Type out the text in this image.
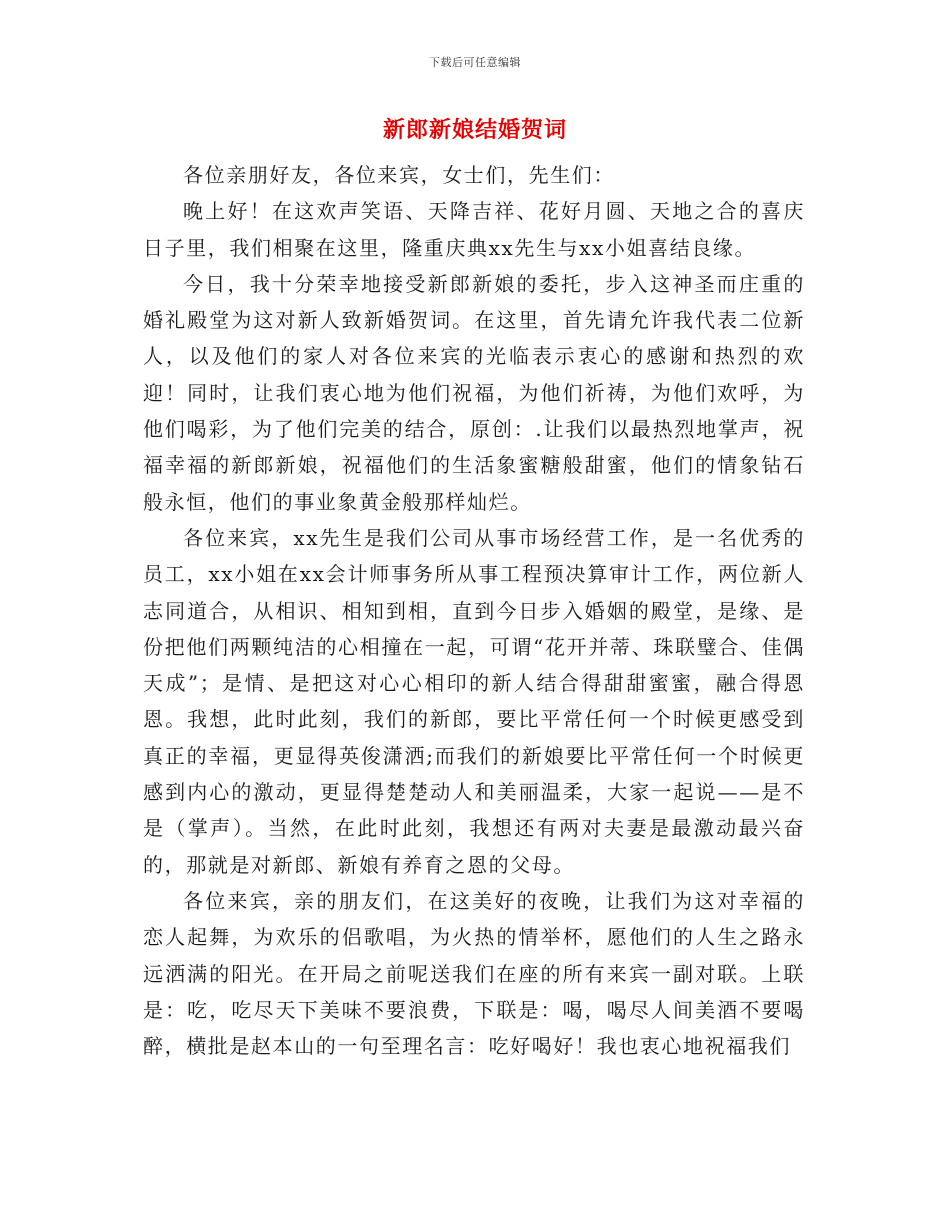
下载后可任意编辑
新郎新娘结婚贺词

各位亲朋好友，各位来宾，女士们，先生们：

晚上好！在这欢声笑语、天降吉祥、花好月圆、天地之合的喜庆日子里，我们相聚在这里，隆重庆典xx先生与xx小姐喜结良缘。

今日，我十分荣幸地接受新郎新娘的委托，步入这神圣而庄重的婚礼殿堂为这对新人致新婚贺词。在这里，首先请允许我代表二位新人，以及他们的家人对各位来宾的光临表示衷心的感谢和热烈的欢迎！同时，让我们衷心地为他们祝福，为他们祈祷，为他们欢呼，为他们喝彩，为了他们完美的结合，原创：.让我们以最热烈地掌声，祝福幸福的新郎新娘，祝福他们的生活象蜜糖般甜蜜，他们的情象钻石般永恒，他们的事业象黄金般那样灿烂。

各位来宾，xx先生是我们公司从事市场经营工作，是一名优秀的员工，xx小姐在xx会计师事务所从事工程预决算审计工作，两位新人志同道合，从相识、相知到相，直到今日步入婚姻的殿堂，是缘、是份把他们两颗纯洁的心相撞在一起，可谓“花开并蒂、珠联璧合、佳偶天成”；是情、是把这对心心相印的新人结合得甜甜蜜蜜，融合得恩恩。我想，此时此刻，我们的新郎，要比平常任何一个时候更感受到真正的幸福，更显得英俊潇洒;而我们的新娘要比平常任何一个时候更感到内心的激动，更显得楚楚动人和美丽温柔，大家一起说——是不是（掌声）。当然，在此时此刻，我想还有两对夫妻是最激动最兴奋的，那就是对新郎、新娘有养育之恩的父母。

各位来宾，亲的朋友们，在这美好的夜晚，让我们为这对幸福的恋人起舞，为欢乐的侣歌唱，为火热的情举杯，愿他们的人生之路永远洒满的阳光。在开局之前呢送我们在座的所有来宾一副对联。上联是：吃，吃尽天下美味不要浪费，下联是：喝，喝尽人间美酒不要喝醉，横批是赵本山的一句至理名言：吃好喝好！我也衷心地祝福我们
